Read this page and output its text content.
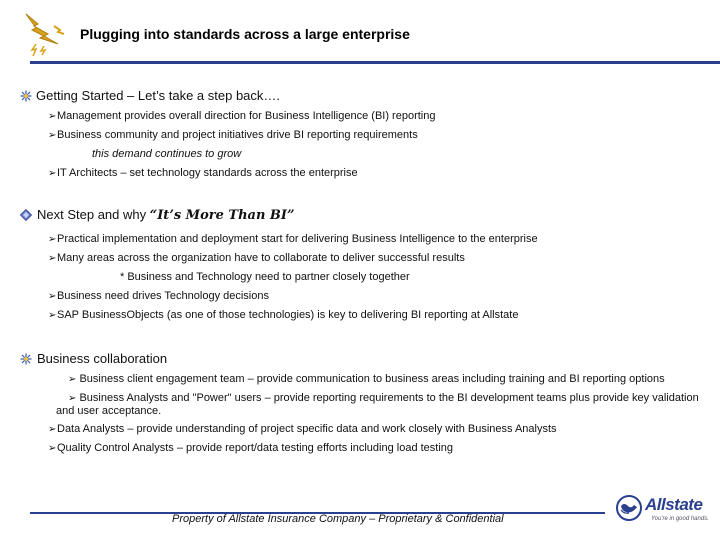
Plugging into standards across a large enterprise
Getting Started – Let’s take a step back….
➢ Management provides overall direction for Business Intelligence (BI) reporting
➢ Business community and project initiatives drive BI reporting requirements
this demand continues to grow
➢ IT Architects – set technology standards across the enterprise
Next Step and why “It’s More Than BI”
➢ Practical implementation and deployment start for delivering Business Intelligence to the enterprise
➢ Many areas across the organization have to collaborate to deliver successful results
* Business and Technology need to partner closely together
➢ Business need drives Technology decisions
➢ SAP BusinessObjects (as one of those technologies) is key to delivering BI reporting at Allstate
Business collaboration
➢ Business client engagement team – provide communication to business areas including training and BI reporting options
➢ Business Analysts and "Power" users – provide reporting requirements to the BI development teams plus provide key validation and user acceptance.
➢ Data Analysts – provide understanding of project specific data and work closely with Business Analysts
➢ Quality Control Analysts – provide report/data testing efforts including load testing
Property of Allstate Insurance Company – Proprietary & Confidential
Allstate
You're in good hands.
